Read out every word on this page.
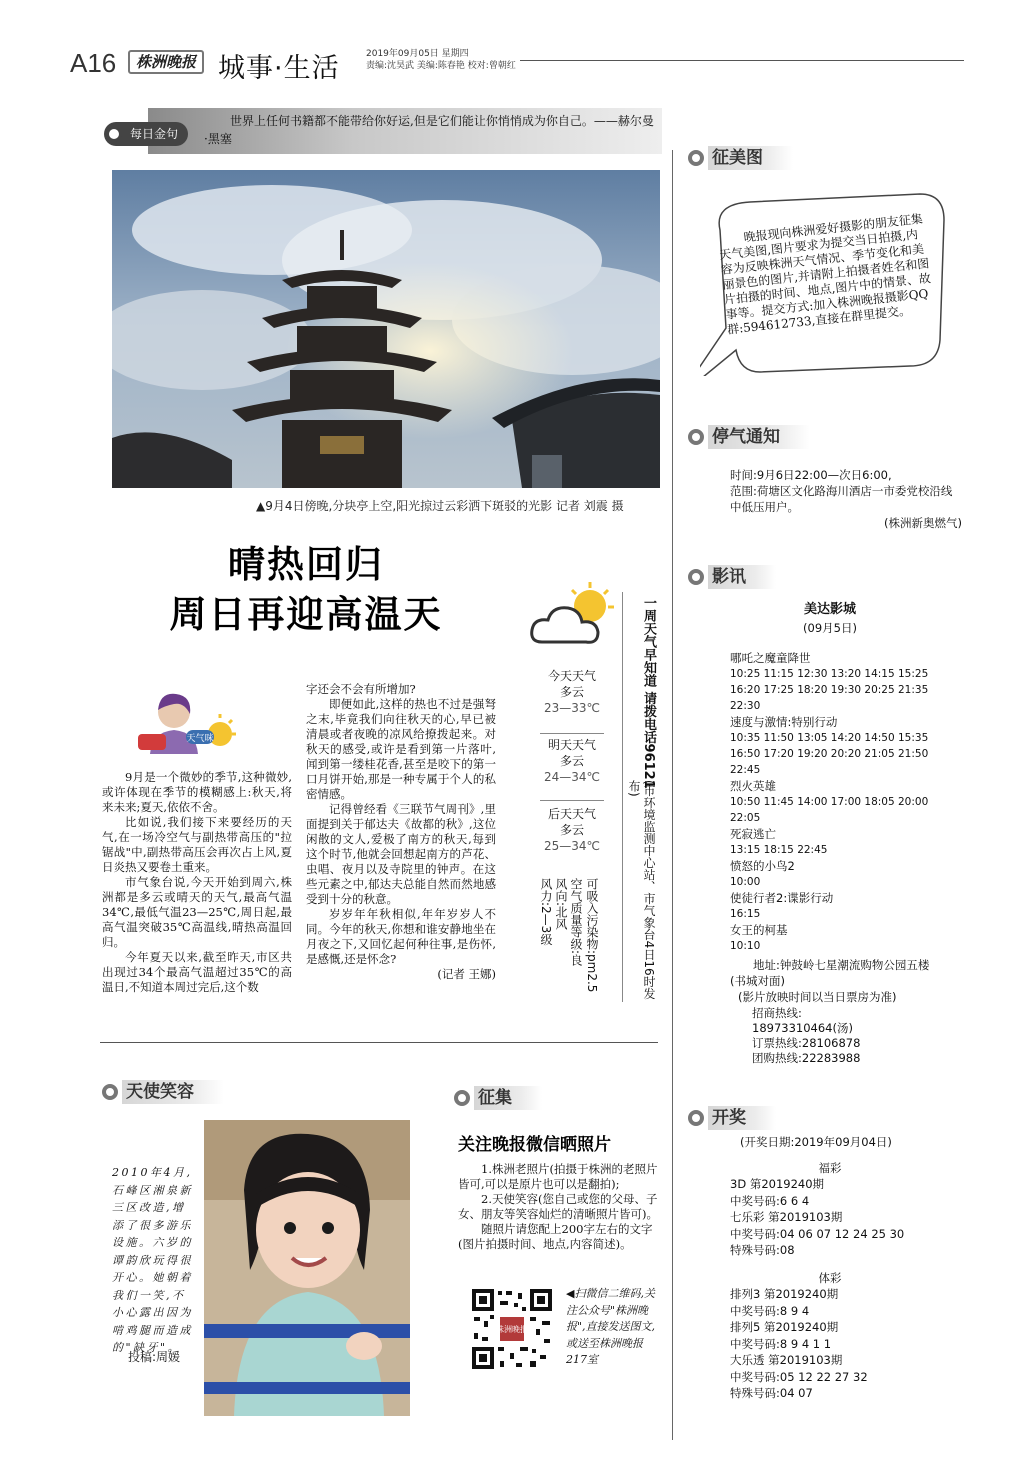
A16	株洲晚报 城事·生活	2019年09月05日 星期四
责编:沈昊武 美编:陈春艳 校对:曾朝红
每日金句
世界上任何书籍都不能带给你好运,但是它们能让你悄悄成为你自己。——赫尔曼·黑塞
▲9月4日傍晚,分块亭上空,阳光掠过云彩洒下斑驳的光影 记者 刘震 摄
征美图
晚报现向株洲爱好摄影的朋友征集天气美图,图片要求为提交当日拍摄,内容为反映株洲天气情况、季节变化和美丽景色的图片,并请附上拍摄者姓名和图片拍摄的时间、地点,图片中的情景、故事等。提交方式:加入株洲晚报摄影QQ群:594612733,直接在群里提交。
停气通知
时间:9月6日22:00—次日6:00,
范围:荷塘区文化路海川酒店一市委党校沿线中低压用户。
(株洲新奥燃气)
影讯
美达影城
(09月5日)
哪吒之魔童降世
10:25 11:15 12:30 13:20 14:15 15:25 16:20 17:25 18:20 19:30 20:25 21:35 22:30
速度与激情:特别行动
10:35 11:50 13:05 14:20 14:50 15:35 16:50 17:20 19:20 20:20 21:05 21:50 22:45
烈火英雄
10:50 11:45 14:00 17:00 18:05 20:00 22:05
死寂逃亡
13:15 18:15 22:45
愤怒的小鸟2
10:00
使徒行者2:谍影行动
16:15
女王的柯基
10:10
地址:钟鼓岭七星潮流购物公园五楼(书城对面)
(影片放映时间以当日票房为准)
招商热线:
18973310464(汤)
订票热线:28106878
团购热线:22283988
开奖
(开奖日期:2019年09月04日)
福彩
3D 第2019240期
中奖号码:6 6 4
七乐彩 第2019103期
中奖号码:04 06 07 12 24 25 30
特殊号码:08
体彩
排列3 第2019240期
中奖号码:8 9 4
排列5 第2019240期
中奖号码:8 9 4 1 1
大乐透 第2019103期
中奖号码:05 12 22 27 32
特殊号码:04 07
晴热回归
周日再迎高温天
今天天气
多云
23—33℃
明天天气
多云
24—34℃
后天天气
多云
25—34℃
风力:2—3级 风向:北风 空气质量等级:良 可吸入污染物:pm2.5
一周天气早知道 请拨电话96121
(市环境监测中心站、市气象台4日16时发布)
天气咪

9月是一个微妙的季节,这种微妙,或许体现在季节的模糊感上:秋天,将来未来;夏天,依依不舍。

比如说,我们接下来要经历的天气,在一场冷空气与副热带高压的"拉锯战"中,副热带高压会再次占上风,夏日炎热又要卷土重来。

市气象台说,今天开始到周六,株洲都是多云或晴天的天气,最高气温34℃,最低气温23—25℃,周日起,最高气温突破35℃高温线,晴热高温回归。

今年夏天以来,截至昨天,市区共出现过34个最高气温超过35℃的高温日,不知道本周过完后,这个数

字还会不会有所增加?

即便如此,这样的热也不过是强弩之末,毕竟我们向往秋天的心,早已被清晨或者夜晚的凉风给撩拨起来。对秋天的感受,或许是看到第一片落叶,闻到第一缕桂花香,甚至是咬下的第一口月饼开始,那是一种专属于个人的私密情感。

记得曾经看《三联节气周刊》,里面提到关于郁达夫《故都的秋》,这位闲散的文人,爱极了南方的秋天,每到这个时节,他就会回想起南方的芦花、虫唱、夜月以及寺院里的钟声。在这些元素之中,郁达夫总能自然而然地感受到十分的秋意。

岁岁年年秋相似,年年岁岁人不同。今年的秋天,你想和谁安静地坐在月夜之下,又回忆起何种往事,是伤怀,是感慨,还是怀念?

(记者 王娜)
天使笑容
2010年4月,石峰区湘泉新三区改造,增添了很多游乐设施。六岁的谭韵欣玩得很开心。她朝着我们一笑,不小心露出因为啃鸡腿而造成的"缺牙"。
投稿:周媛
征集
关注晚报微信晒照片

1.株洲老照片(拍摄于株洲的老照片皆可,可以是原片也可以是翻拍);

2.天使笑容(您自己或您的父母、子女、朋友等笑容灿烂的清晰照片皆可)。

随照片请您配上200字左右的文字(图片拍摄时间、地点,内容简述)。

株洲晚报
◀扫微信二维码,关注公众号"株洲晚报",直接发送图文,或送至株洲晚报217室
